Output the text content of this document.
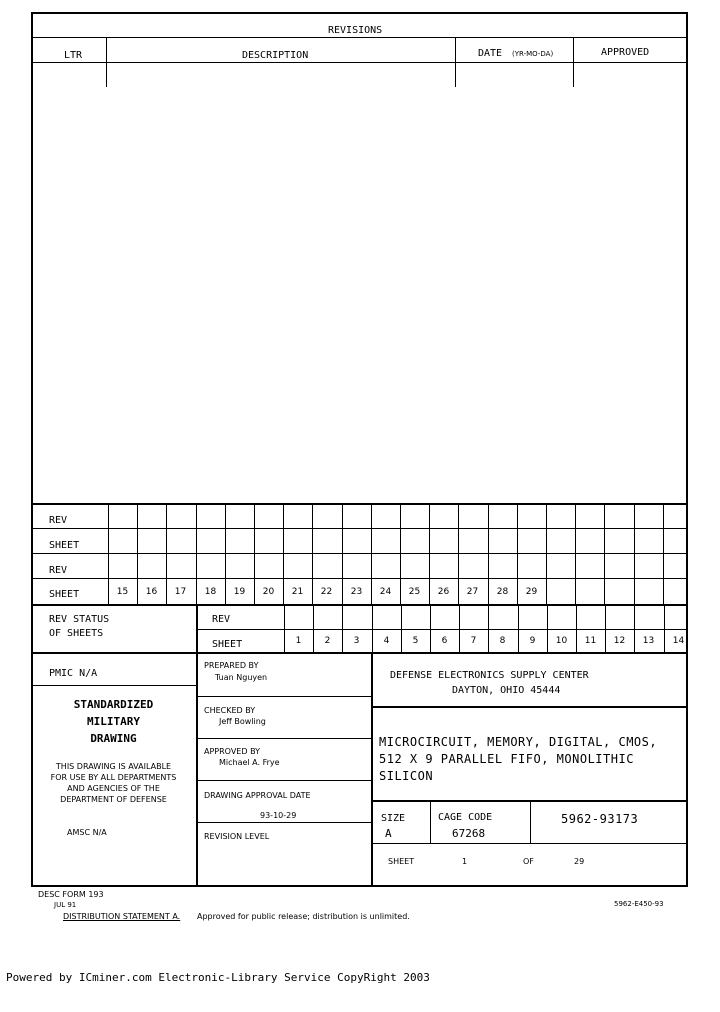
REVISIONS
LTR	DESCRIPTION	DATE (YR-MO-DA)	APPROVED
REV
SHEET
REV
SHEET	15	16	17	18	19	20	21	22	23	24	25	26	27	28	29
REV STATUS
OF SHEETS
REV
SHEET	1	2	3	4	5	6	7	8	9	10	11	12	13	14
PMIC N/A
STANDARDIZED
MILITARY
DRAWING
THIS DRAWING IS AVAILABLE
FOR USE BY ALL DEPARTMENTS
AND AGENCIES OF THE
DEPARTMENT OF DEFENSE
AMSC N/A
PREPARED BY
Tuan Nguyen
CHECKED BY
Jeff Bowling
APPROVED BY
Michael A. Frye
DRAWING APPROVAL DATE
93-10-29
REVISION LEVEL
DEFENSE ELECTRONICS SUPPLY CENTER
DAYTON, OHIO 45444
MICROCIRCUIT, MEMORY, DIGITAL, CMOS,
512 X 9 PARALLEL FIFO, MONOLITHIC
SILICON
SIZE
A
CAGE CODE
67268
5962-93173
SHEET	1	OF	29
DESC FORM 193
JUL 91
DISTRIBUTION STATEMENT A. Approved for public release; distribution is unlimited.
5962-E450-93
Powered by ICminer.com Electronic-Library Service CopyRight 2003
